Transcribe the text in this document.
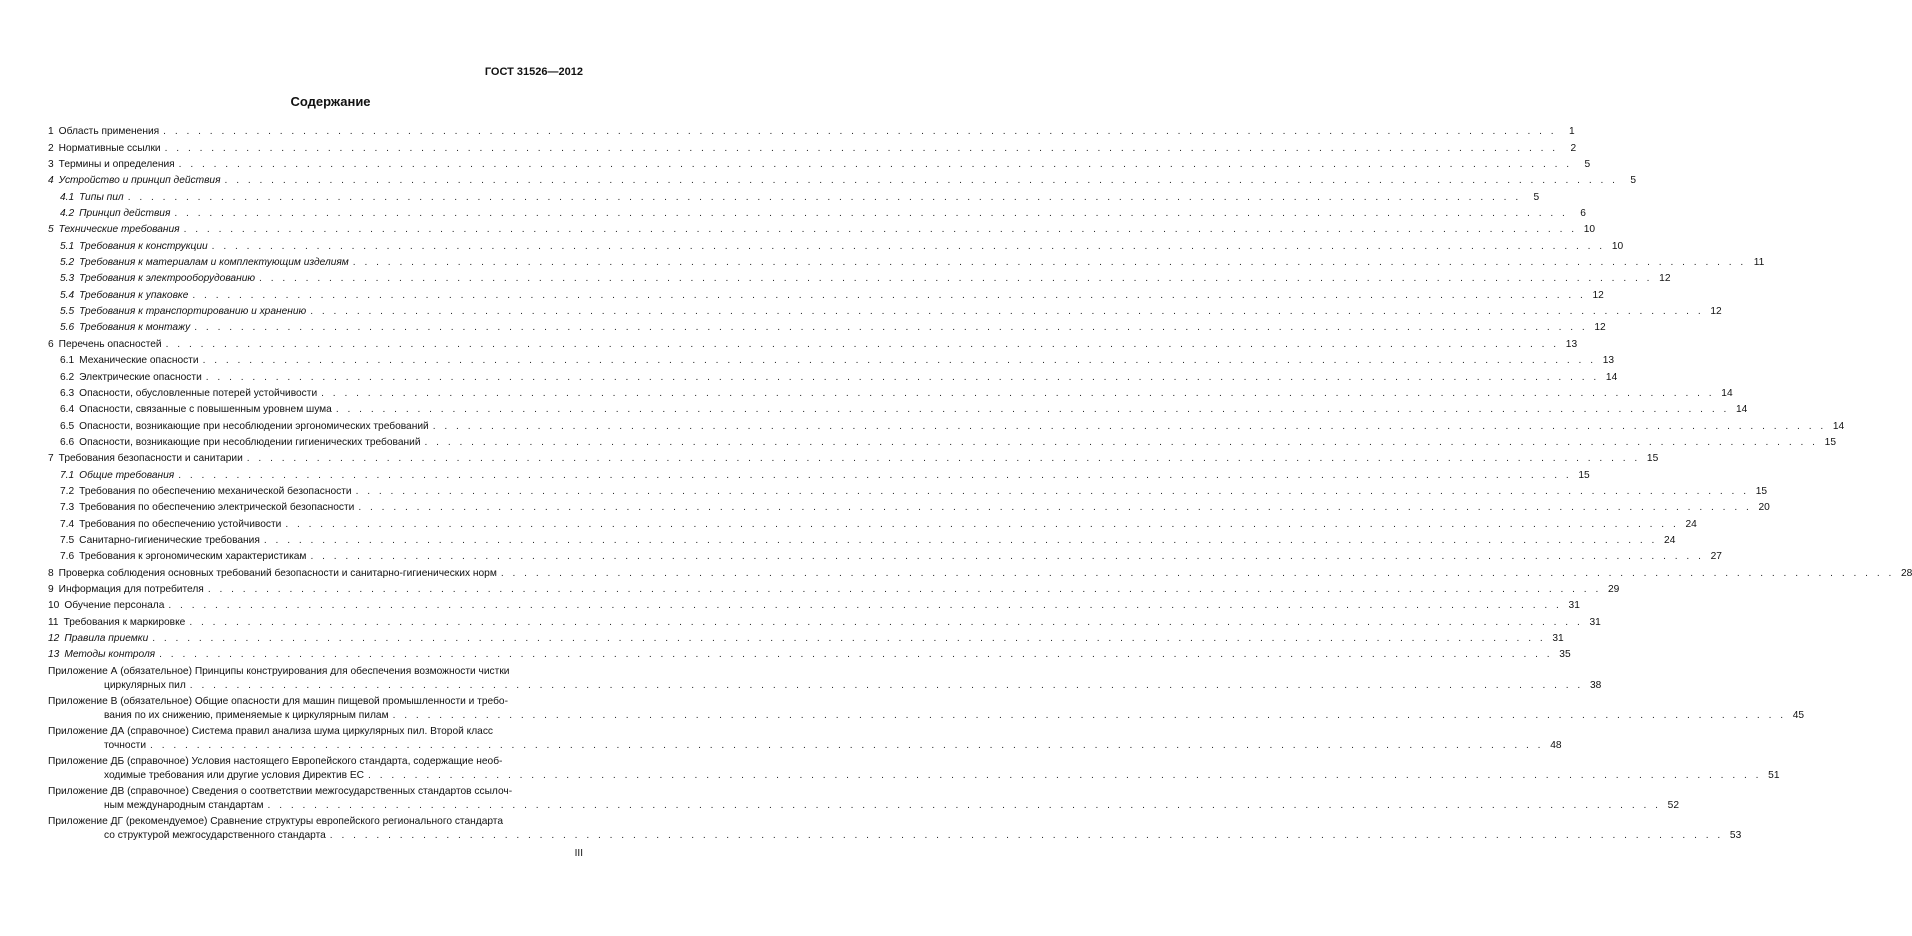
ГОСТ 31526—2012
Содержание
1 Область применения . . . . . . . . . . . . . . . . . . . . . . . . . . . . . . . . . . . . . . . . . . . . . . . . . . . . . . . . . . . . . . . . . . . . . . . . . . . . . . . . . . . . . . . . . . . . . . . . . . . . . . . . . . . . . . . . . . . . . . . .	1
2 Нормативные ссылки . . . . . . . . . . . . . . . . . . . . . . . . . . . . . . . . . . . . . . . . . . . . . . . . . . . . . . . . . . . . . . . . . . . . . . . . . . . . . . . . . . . . . . . . . . . . . . . . . . . . . . . . . . . . . . . . . . . . . . . .	2
3 Термины и определения . . . . . . . . . . . . . . . . . . . . . . . . . . . . . . . . . . . . . . . . . . . . . . . . . . . . . . . . . . . . . . . . . . . . . . . . . . . . . . . . . . . . . . . . . . . . . . . . . . . . . . . . . . . . . . . . . . . . . . . .	5
4 Устройство и принцип действия . . . . . . . . . . . . . . . . . . . . . . . . . . . . . . . . . . . . . . . . . . . . . . . . . . . . . . . . . . . . . . . . . . . . . . . . . . . . . . . . . . . . . . . . . . . . . . . . . . . . . . . . . . . . . . . . . . . . . . . .	5
4.1 Типы пил . . . . . . . . . . . . . . . . . . . . . . . . . . . . . . . . . . . . . . . . . . . . . . . . . . . . . . . . . . . . . . . . . . . . . . . . . . . . . . . . . . . . . . . . . . . . . . . . . . . . . . . . . . . . . . . . . . . . . . . .	5
4.2 Принцип действия . . . . . . . . . . . . . . . . . . . . . . . . . . . . . . . . . . . . . . . . . . . . . . . . . . . . . . . . . . . . . . . . . . . . . . . . . . . . . . . . . . . . . . . . . . . . . . . . . . . . . . . . . . . . . . . . . . . . . . . .	6
5 Технические требования . . . . . . . . . . . . . . . . . . . . . . . . . . . . . . . . . . . . . . . . . . . . . . . . . . . . . . . . . . . . . . . . . . . . . . . . . . . . . . . . . . . . . . . . . . . . . . . . . . . . . . . . . . . . . . . . . . . . . . . . 10
5.1 Требования к конструкции . . . . . . . . . . . . . . . . . . . . . . . . . . . . . . . . . . . . . . . . . . . . . . . . . . . . . . . . . . . . . . . . . . . . . . . . . . . . . . . . . . . . . . . . . . . . . . . . . . . . . . . . . . . . . . . . . . . . . . . . 10
5.2 Требования к материалам и комплектующим изделиям . . . . . . . . . . . . . . . . . . . . . . . . . . . . . . . . . . . . . . . . . . . . . . . . . . . . . . . . . . . . . . . . . . . . . . . . . . . . . . . . . . . . . . . . . . . . . . . . . . . . . . . . . . . . . . . . . . . . . . . . 11
5.3 Требования к электрооборудованию . . . . . . . . . . . . . . . . . . . . . . . . . . . . . . . . . . . . . . . . . . . . . . . . . . . . . . . . . . . . . . . . . . . . . . . . . . . . . . . . . . . . . . . . . . . . . . . . . . . . . . . . . . . . . . . . . . . . . . . . 12
5.4 Требования к упаковке . . . . . . . . . . . . . . . . . . . . . . . . . . . . . . . . . . . . . . . . . . . . . . . . . . . . . . . . . . . . . . . . . . . . . . . . . . . . . . . . . . . . . . . . . . . . . . . . . . . . . . . . . . . . . . . . . . . . . . . . 12
5.5 Требования к транспортированию и хранению . . . . . . . . . . . . . . . . . . . . . . . . . . . . . . . . . . . . . . . . . . . . . . . . . . . . . . . . . . . . . . . . . . . . . . . . . . . . . . . . . . . . . . . . . . . . . . . . . . . . . . . . . . . . . . . . . . . . . . . . 12
5.6 Требования к монтажу . . . . . . . . . . . . . . . . . . . . . . . . . . . . . . . . . . . . . . . . . . . . . . . . . . . . . . . . . . . . . . . . . . . . . . . . . . . . . . . . . . . . . . . . . . . . . . . . . . . . . . . . . . . . . . . . . . . . . . . . 12
6 Перечень опасностей . . . . . . . . . . . . . . . . . . . . . . . . . . . . . . . . . . . . . . . . . . . . . . . . . . . . . . . . . . . . . . . . . . . . . . . . . . . . . . . . . . . . . . . . . . . . . . . . . . . . . . . . . . . . . . . . . . . . . . . . 13
6.1 Механические опасности . . . . . . . . . . . . . . . . . . . . . . . . . . . . . . . . . . . . . . . . . . . . . . . . . . . . . . . . . . . . . . . . . . . . . . . . . . . . . . . . . . . . . . . . . . . . . . . . . . . . . . . . . . . . . . . . . . . . . . . . 13
6.2 Электрические опасности . . . . . . . . . . . . . . . . . . . . . . . . . . . . . . . . . . . . . . . . . . . . . . . . . . . . . . . . . . . . . . . . . . . . . . . . . . . . . . . . . . . . . . . . . . . . . . . . . . . . . . . . . . . . . . . . . . . . . . . . 14
6.3 Опасности, обусловленные потерей устойчивости . . . . . . . . . . . . . . . . . . . . . . . . . . . . . . . . . . . . . . . . . . . . . . . . . . . . . . . . . . . . . . . . . . . . . . . . . . . . . . . . . . . . . . . . . . . . . . . . . . . . . . . . . . . . . . . . . . . . . . . . 14
6.4 Опасности, связанные с повышенным уровнем шума . . . . . . . . . . . . . . . . . . . . . . . . . . . . . . . . . . . . . . . . . . . . . . . . . . . . . . . . . . . . . . . . . . . . . . . . . . . . . . . . . . . . . . . . . . . . . . . . . . . . . . . . . . . . . . . . . . . . . . . . 14
6.5 Опасности, возникающие при несоблюдении эргономических требований . . . . . . . . . . . . . . . . . . . . . . . . . . . . . . . . . . . . . . . . . . . . . . . . . . . . . . . . . . . . . . . . . . . . . . . . . . . . . . . . . . . . . . . . . . . . . . . . . . . . . . . . . . . . . . . . . . . . . . . . 14
6.6 Опасности, возникающие при несоблюдении гигиенических требований . . . . . . . . . . . . . . . . . . . . . . . . . . . . . . . . . . . . . . . . . . . . . . . . . . . . . . . . . . . . . . . . . . . . . . . . . . . . . . . . . . . . . . . . . . . . . . . . . . . . . . . . . . . . . . . . . . . . . . . . 15
7 Требования безопасности и санитарии . . . . . . . . . . . . . . . . . . . . . . . . . . . . . . . . . . . . . . . . . . . . . . . . . . . . . . . . . . . . . . . . . . . . . . . . . . . . . . . . . . . . . . . . . . . . . . . . . . . . . . . . . . . . . . . . . . . . . . . . 15
7.1 Общие требования . . . . . . . . . . . . . . . . . . . . . . . . . . . . . . . . . . . . . . . . . . . . . . . . . . . . . . . . . . . . . . . . . . . . . . . . . . . . . . . . . . . . . . . . . . . . . . . . . . . . . . . . . . . . . . . . . . . . . . . . 15
7.2 Требования по обеспечению механической безопасности . . . . . . . . . . . . . . . . . . . . . . . . . . . . . . . . . . . . . . . . . . . . . . . . . . . . . . . . . . . . . . . . . . . . . . . . . . . . . . . . . . . . . . . . . . . . . . . . . . . . . . . . . . . . . . . . . . . . . . . . 15
7.3 Требования по обеспечению электрической безопасности . . . . . . . . . . . . . . . . . . . . . . . . . . . . . . . . . . . . . . . . . . . . . . . . . . . . . . . . . . . . . . . . . . . . . . . . . . . . . . . . . . . . . . . . . . . . . . . . . . . . . . . . . . . . . . . . . . . . . . . . 20
7.4 Требования по обеспечению устойчивости . . . . . . . . . . . . . . . . . . . . . . . . . . . . . . . . . . . . . . . . . . . . . . . . . . . . . . . . . . . . . . . . . . . . . . . . . . . . . . . . . . . . . . . . . . . . . . . . . . . . . . . . . . . . . . . . . . . . . . . . 24
7.5 Санитарно-гигиенические требования . . . . . . . . . . . . . . . . . . . . . . . . . . . . . . . . . . . . . . . . . . . . . . . . . . . . . . . . . . . . . . . . . . . . . . . . . . . . . . . . . . . . . . . . . . . . . . . . . . . . . . . . . . . . . . . . . . . . . . . . 24
7.6 Требования к эргономическим характеристикам . . . . . . . . . . . . . . . . . . . . . . . . . . . . . . . . . . . . . . . . . . . . . . . . . . . . . . . . . . . . . . . . . . . . . . . . . . . . . . . . . . . . . . . . . . . . . . . . . . . . . . . . . . . . . . . . . . . . . . . . 27
8 Проверка соблюдения основных требований безопасности и санитарно-гигиенических норм . . . . . . . . . . . . . . . . . . . . . . . . . . . . . . . . . . . . . . . . . . . . . . . . . . . . . . . . . . . . . . . . . . . . . . . . . . . . . . . . . . . . . . . . . . . . . . . . . . . . . . . . . . . . . . . . . . . . . . . . 28
9 Информация для потребителя . . . . . . . . . . . . . . . . . . . . . . . . . . . . . . . . . . . . . . . . . . . . . . . . . . . . . . . . . . . . . . . . . . . . . . . . . . . . . . . . . . . . . . . . . . . . . . . . . . . . . . . . . . . . . . . . . . . . . . . . 29
10 Обучение персонала . . . . . . . . . . . . . . . . . . . . . . . . . . . . . . . . . . . . . . . . . . . . . . . . . . . . . . . . . . . . . . . . . . . . . . . . . . . . . . . . . . . . . . . . . . . . . . . . . . . . . . . . . . . . . . . . . . . . . . . . 31
11 Требования к маркировке . . . . . . . . . . . . . . . . . . . . . . . . . . . . . . . . . . . . . . . . . . . . . . . . . . . . . . . . . . . . . . . . . . . . . . . . . . . . . . . . . . . . . . . . . . . . . . . . . . . . . . . . . . . . . . . . . . . . . . . . 31
12 Правила приемки . . . . . . . . . . . . . . . . . . . . . . . . . . . . . . . . . . . . . . . . . . . . . . . . . . . . . . . . . . . . . . . . . . . . . . . . . . . . . . . . . . . . . . . . . . . . . . . . . . . . . . . . . . . . . . . . . . . . . . . . 31
13 Методы контроля . . . . . . . . . . . . . . . . . . . . . . . . . . . . . . . . . . . . . . . . . . . . . . . . . . . . . . . . . . . . . . . . . . . . . . . . . . . . . . . . . . . . . . . . . . . . . . . . . . . . . . . . . . . . . . . . . . . . . . . . 35
Приложение А (обязательное) Принципы конструирования для обеспечения возможности чистки
циркулярных пил . . . . . . . . . . . . . . . . . . . . . . . . . . . . . . . . . . . . . . . . . . . . . . . . . . . . . . . . . . . . . . . . . . . . . . . . . . . . . . . . . . . . . . . . . . . . . . . . . . . . . . . . . . . . . . . . . . . . . . . . 38
Приложение В (обязательное) Общие опасности для машин пищевой промышленности и требо-
вания по их снижению, применяемые к циркулярным пилам . . . . . . . . . . . . . . . . . . . . . . . . . . . . . . . . . . . . . . . . . . . . . . . . . . . . . . . . . . . . . . . . . . . . . . . . . . . . . . . . . . . . . . . . . . . . . . . . . . . . . . . . . . . . . . . . . . . . . . . . 45
Приложение ДА (справочное) Система правил анализа шума циркулярных пил. Второй класс
точности . . . . . . . . . . . . . . . . . . . . . . . . . . . . . . . . . . . . . . . . . . . . . . . . . . . . . . . . . . . . . . . . . . . . . . . . . . . . . . . . . . . . . . . . . . . . . . . . . . . . . . . . . . . . . . . . . . . . . . . . 48
Приложение ДБ (справочное) Условия настоящего Европейского стандарта, содержащие необ-
ходимые требования или другие условия Директив ЕС . . . . . . . . . . . . . . . . . . . . . . . . . . . . . . . . . . . . . . . . . . . . . . . . . . . . . . . . . . . . . . . . . . . . . . . . . . . . . . . . . . . . . . . . . . . . . . . . . . . . . . . . . . . . . . . . . . . . . . . . 51
Приложение ДВ (справочное) Сведения о соответствии межгосударственных стандартов ссылоч-
ным международным стандартам . . . . . . . . . . . . . . . . . . . . . . . . . . . . . . . . . . . . . . . . . . . . . . . . . . . . . . . . . . . . . . . . . . . . . . . . . . . . . . . . . . . . . . . . . . . . . . . . . . . . . . . . . . . . . . . . . . . . . . . . 52
Приложение ДГ (рекомендуемое) Сравнение структуры европейского регионального стандарта
со структурой межгосударственного стандарта . . . . . . . . . . . . . . . . . . . . . . . . . . . . . . . . . . . . . . . . . . . . . . . . . . . . . . . . . . . . . . . . . . . . . . . . . . . . . . . . . . . . . . . . . . . . . . . . . . . . . . . . . . . . . . . . . . . . . . . . 53
III
